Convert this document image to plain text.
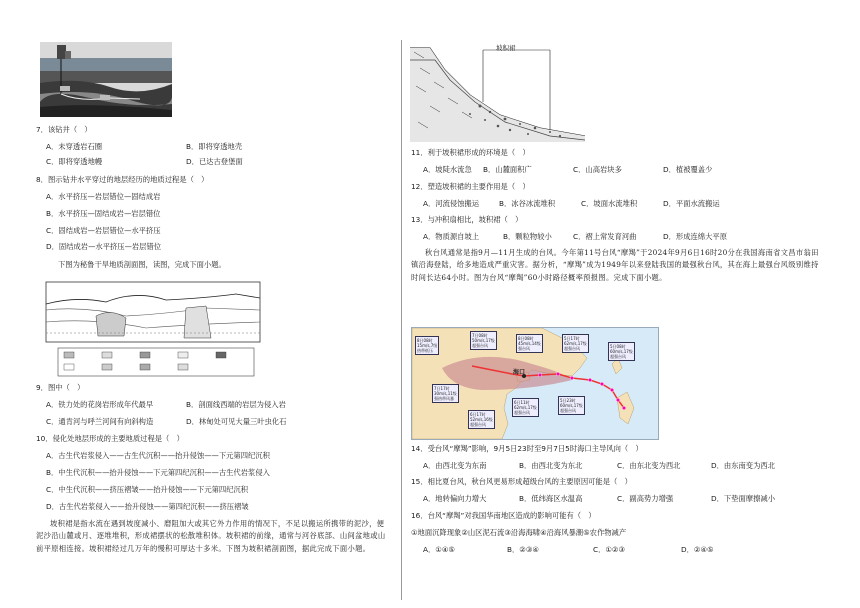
7．该钻井（　）
A．未穿透岩石圈	B．即将穿透地壳
C．即将穿透地幔	D．已达古登堡面
8．图示钻井水平穿过的地层经历的地质过程是（　）
A．水平挤压—岩层错位—固结成岩
B．水平挤压—固结成岩—岩层错位
C．固结成岩—岩层错位—水平挤压
D．固结成岩—水平挤压—岩层错位
下图为秘鲁干旱地质剖面图，读图，完成下面小题。
9．图中（　）
A．铁力处的花岗岩形成年代最早	B．剖面线西端的岩层为侵入岩
C．通肯河与呼兰河间有向斜构造	D．林甸处可见大量三叶虫化石
10．侵化处地层形成的主要地质过程是（　）
A．古生代岩浆侵入——古生代沉积——抬升侵蚀——下元第四纪沉积
B．中生代沉积——抬升侵蚀——下元第四纪沉积——古生代岩浆侵入
C．中生代沉积——挤压褶皱——抬升侵蚀——下元第四纪沉积
D．古生代岩浆侵入——抬升侵蚀——第四纪沉积——挤压褶皱
坡积裙是指水流在遇到坡度减小、磨阻加大或其它外力作用的情况下，不足以搬运所携带的泥沙，便泥沙沿山麓或月、逐堆堆积，形成裙摆状的松散堆积体。坡积裙的前缘，通常与河谷底部、山间盆地或山前平原相连接。坡积裙经过几万年的慢积可厚达十多米。下图为坡积裙剖面图，据此完成下面小题。
坡积裙
11．利于坡积裙形成的环境是（　）
A．坡陡水流急 B．山麓面积广	C．山高岩块多	D．植被覆盖少
12．塑造坡积裙的主要作用是（　）
A．河流侵蚀搬运	B．冰谷冰流堆积	C．坡面水流堆积	D．平面水流搬运
13．与冲积扇相比，坡积裙（　）
A．物质源自坡上	B．颗粒物较小	C．褶上常发育河曲	D．形成连绵大平原
秋台风通常是指9月—11月生成的台风。今年第11号台风“摩羯”于2024年9月6日16时20分在我国海南省文昌市翁田镇沿海登陆，给多地造成严重灾害。据分析，“摩羯”成为1949年以来登陆我国的最强秋台风，其在海上最强台风级别维持时间长达64小时。图为台风“摩羯”60小时路径概率预报图。完成下面小题。
海口
7日08时
50m/s,17级
超强台风
8日08时
45m/s,14级
强台风
5日17时
62m/s,17级
超强台风
8日08时
15m/s,7级
热带低压
5日08时
60m/s,17级
超强台风
7日17时
30m/s,11级
强热带风暴
6日11时
62m/s,17级
超强台风
5日23时
60m/s,17级
超强台风
6日17时
52m/s,16级
超强台风
14．受台风“摩羯”影响，9月5日23时至9月7日5时海口主导风向（　）
A．由西北变为东南	B．由西北变为东北	C．由东北变为西北	D．由东南变为西北
15．相比夏台风，秋台风更易形成超级台风的主要原因可能是（　）
A．地转偏向力增大	B．低纬海区水温高	C．副高势力增强	D．下垫面摩擦减小
16．台风“摩羯”对我国华南地区造成的影响可能有（　）
①地面沉降现象②山区泥石流③沿海海啸④沿海风暴潮⑤农作物减产
A．①④⑤	B．②③④	C．①②③	D．②④⑤
